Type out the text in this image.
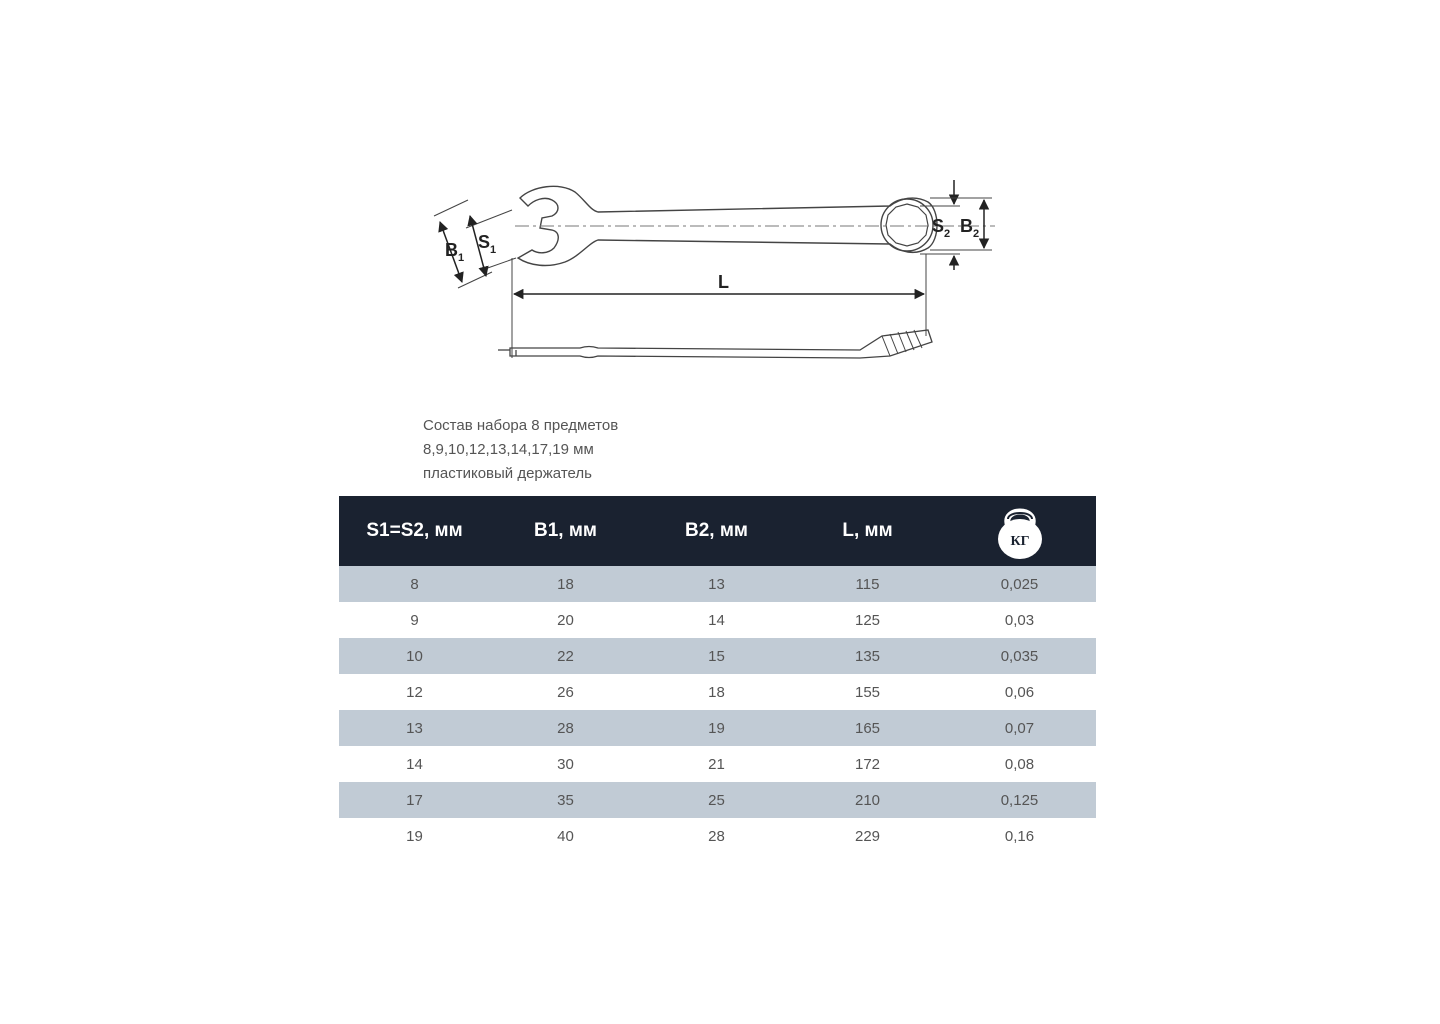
$B_1$
$S_1$
$S_2$ $B_2$
L
Состав набора 8 предметов
8,9,10,12,13,14,17,19 мм
пластиковый держатель
S1=S2, мм	B1, мм	B2, мм	L, мм	КГ

8	18	13	115	0,025
9	20	14	125	0,03
10	22	15	135	0,035
12	26	18	155	0,06
13	28	19	165	0,07
14	30	21	172	0,08
17	35	25	210	0,125
19	40	28	229	0,16
